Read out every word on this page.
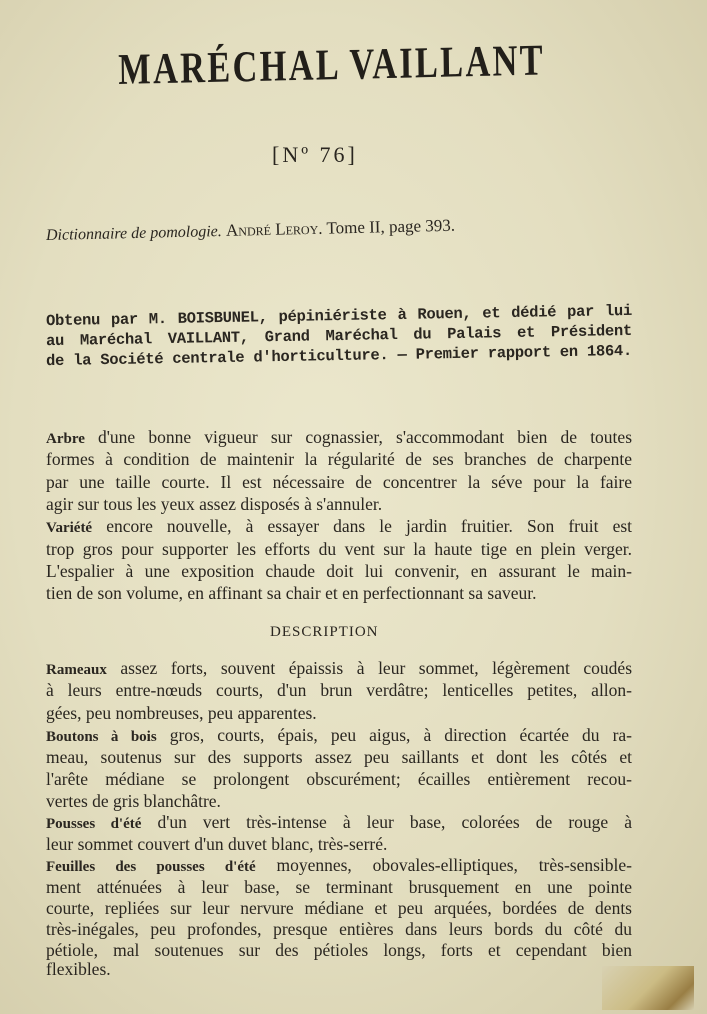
MARÉCHAL VAILLANT
[Nº 76]
Dictionnaire de pomologie. André Leroy. Tome II, page 393.
Obtenu par M. BOISBUNEL, pépiniériste à Rouen, et dédié par lui
au Maréchal VAILLANT, Grand Maréchal du Palais et Président
de la Société centrale d'horticulture. — Premier rapport en 1864.
Arbre d'une bonne vigueur sur cognassier, s'accommodant bien de toutes
formes à condition de maintenir la régularité de ses branches de charpente
par une taille courte. Il est nécessaire de concentrer la séve pour la faire
agir sur tous les yeux assez disposés à s'annuler.
Variété encore nouvelle, à essayer dans le jardin fruitier. Son fruit est
trop gros pour supporter les efforts du vent sur la haute tige en plein verger.
L'espalier à une exposition chaude doit lui convenir, en assurant le main-
tien de son volume, en affinant sa chair et en perfectionnant sa saveur.
Rameaux assez forts, souvent épaissis à leur sommet, légèrement coudés
à leurs entre-nœuds courts, d'un brun verdâtre; lenticelles petites, allon-
gées, peu nombreuses, peu apparentes.
Boutons à bois gros, courts, épais, peu aigus, à direction écartée du ra-
meau, soutenus sur des supports assez peu saillants et dont les côtés et
l'arête médiane se prolongent obscurément; écailles entièrement recou-
vertes de gris blanchâtre.
Pousses d'été d'un vert très-intense à leur base, colorées de rouge à
leur sommet couvert d'un duvet blanc, très-serré.
Feuilles des pousses d'été moyennes, obovales-elliptiques, très-sensible-
ment atténuées à leur base, se terminant brusquement en une pointe
courte, repliées sur leur nervure médiane et peu arquées, bordées de dents
très-inégales, peu profondes, presque entières dans leurs bords du côté du
pétiole, mal soutenues sur des pétioles longs, forts et cependant bien
flexibles.
DESCRIPTION
